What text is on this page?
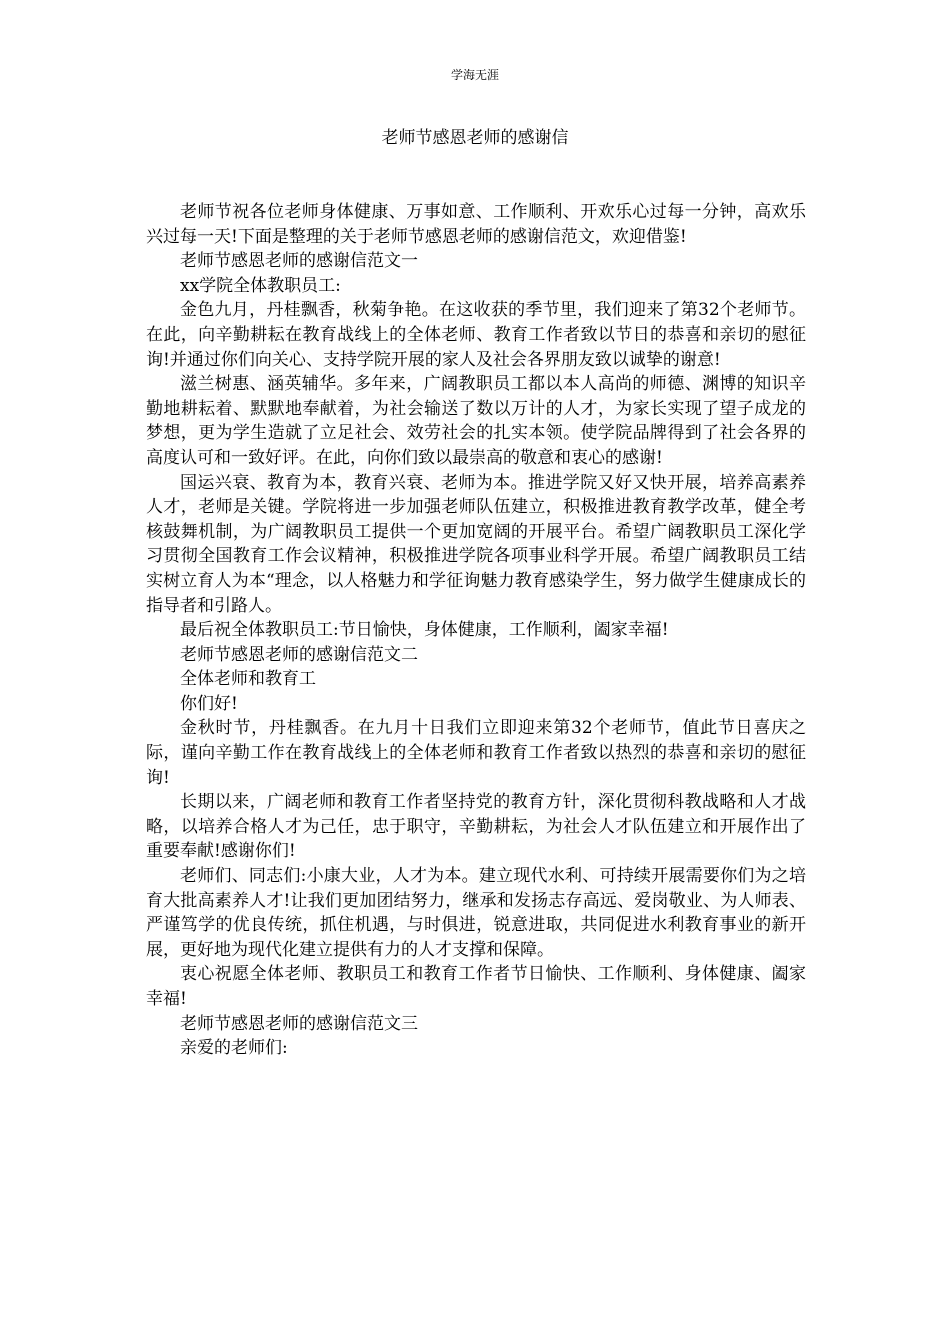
学海无涯
老师节感恩老师的感谢信

老师节祝各位老师身体健康、万事如意、工作顺利、开欢乐心过每一分钟，高欢乐兴过每一天!下面是整理的关于老师节感恩老师的感谢信范文，欢迎借鉴!

老师节感恩老师的感谢信范文一

xx学院全体教职员工:

金色九月，丹桂飘香，秋菊争艳。在这收获的季节里，我们迎来了第32个老师节。在此，向辛勤耕耘在教育战线上的全体老师、教育工作者致以节日的恭喜和亲切的慰征询!并通过你们向关心、支持学院开展的家人及社会各界朋友致以诚挚的谢意!

滋兰树惠、涵英辅华。多年来，广阔教职员工都以本人高尚的师德、渊博的知识辛勤地耕耘着、默默地奉献着，为社会输送了数以万计的人才，为家长实现了望子成龙的梦想，更为学生造就了立足社会、效劳社会的扎实本领。使学院品牌得到了社会各界的高度认可和一致好评。在此，向你们致以最崇高的敬意和衷心的感谢!

国运兴衰、教育为本，教育兴衰、老师为本。推进学院又好又快开展，培养高素养人才，老师是关键。学院将进一步加强老师队伍建立，积极推进教育教学改革，健全考核鼓舞机制，为广阔教职员工提供一个更加宽阔的开展平台。希望广阔教职员工深化学习贯彻全国教育工作会议精神，积极推进学院各项事业科学开展。希望广阔教职员工结实树立育人为本“理念，以人格魅力和学征询魅力教育感染学生，努力做学生健康成长的指导者和引路人。

最后祝全体教职员工:节日愉快，身体健康，工作顺利，阖家幸福!

老师节感恩老师的感谢信范文二

全体老师和教育工

你们好!

金秋时节，丹桂飘香。在九月十日我们立即迎来第32个老师节，值此节日喜庆之际，谨向辛勤工作在教育战线上的全体老师和教育工作者致以热烈的恭喜和亲切的慰征询!

长期以来，广阔老师和教育工作者坚持党的教育方针，深化贯彻科教战略和人才战略，以培养合格人才为己任，忠于职守，辛勤耕耘，为社会人才队伍建立和开展作出了重要奉献!感谢你们!

老师们、同志们:小康大业，人才为本。建立现代水利、可持续开展需要你们为之培育大批高素养人才!让我们更加团结努力，继承和发扬志存高远、爱岗敬业、为人师表、严谨笃学的优良传统，抓住机遇，与时俱进，锐意进取，共同促进水利教育事业的新开展，更好地为现代化建立提供有力的人才支撑和保障。

衷心祝愿全体老师、教职员工和教育工作者节日愉快、工作顺利、身体健康、阖家幸福!

老师节感恩老师的感谢信范文三

亲爱的老师们:
